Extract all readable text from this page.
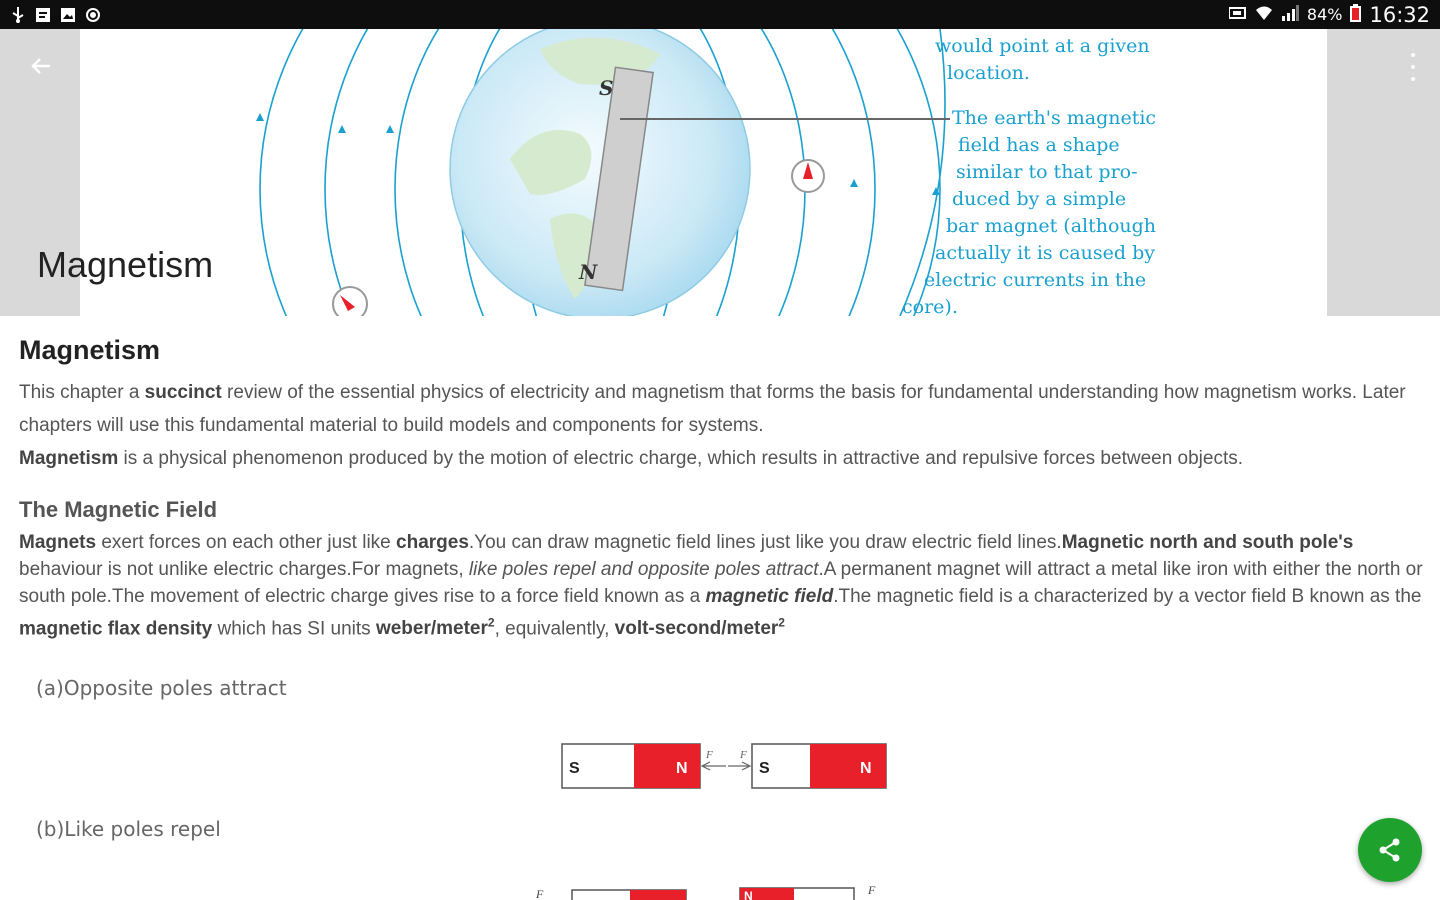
84% 16:32
S
N
would point at a given
location.
The earth's magnetic
field has a shape
similar to that pro-
duced by a simple
bar magnet (although
actually it is caused by
electric currents in the
core).
Magnetism
Magnetism

This chapter a succinct review of the essential physics of electricity and magnetism that forms the basis for fundamental understanding how magnetism works. Later chapters will use this fundamental material to build models and components for systems.

Magnetism is a physical phenomenon produced by the motion of electric charge, which results in attractive and repulsive forces between objects.

The Magnetic Field

Magnets exert forces on each other just like charges.You can draw magnetic field lines just like you draw electric field lines.Magnetic north and south pole's behaviour is not unlike electric charges.For magnets, like poles repel and opposite poles attract.A permanent magnet will attract a metal like iron with either the north or south pole.The movement of electric charge gives rise to a force field known as a magnetic field.The magnetic field is a characterized by a vector field B known as the magnetic flax density which has SI units weber/meter$^2$, equivalently, volt-second/meter$^2$

(a)Opposite poles attract
S	N	S	N
F F
(b)Like poles repel
N
F	F
